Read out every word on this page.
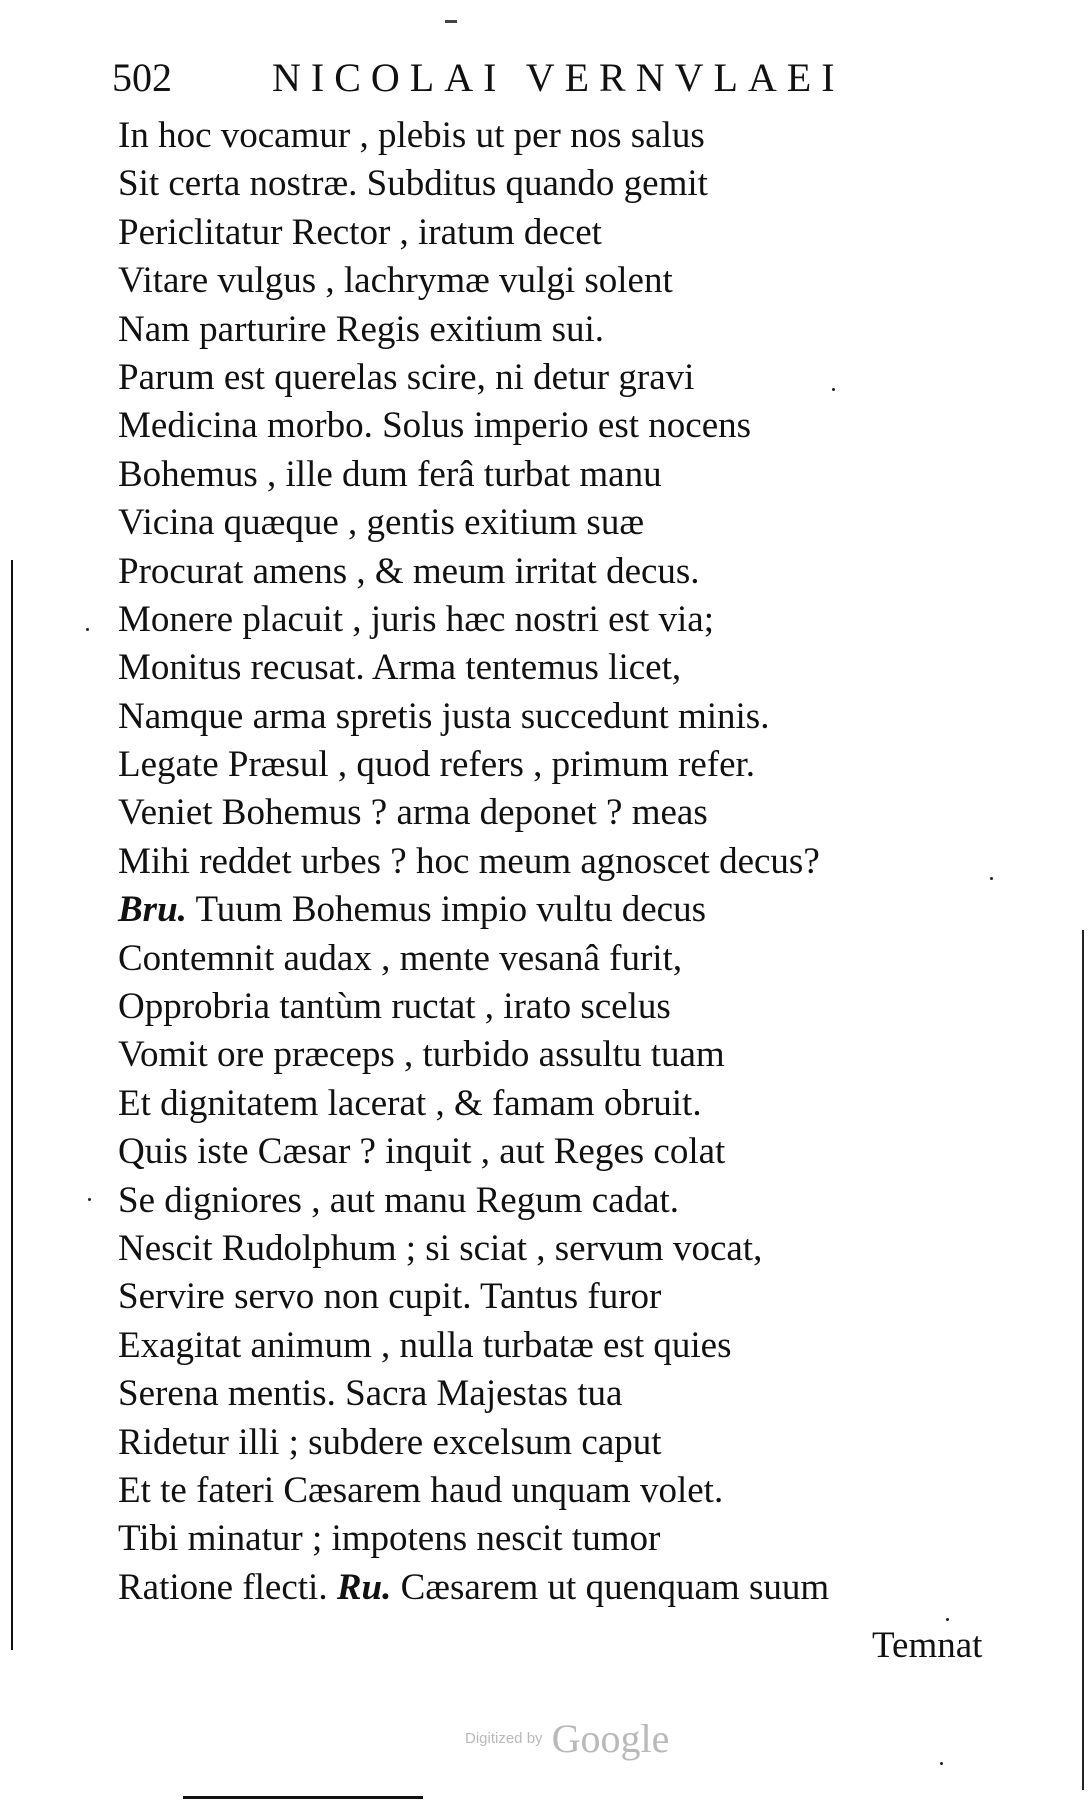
502	NICOLAI VERNVLAEI
In hoc vocamur , plebis ut per nos salus
Sit certa nostræ. Subditus quando gemit
Periclitatur Rector , iratum decet
Vitare vulgus , lachrymæ vulgi solent
Nam parturire Regis exitium sui.
Parum est querelas scire, ni detur gravi
Medicina morbo. Solus imperio est nocens
Bohemus , ille dum ferâ turbat manu
Vicina quæque , gentis exitium suæ
Procurat amens , & meum irritat decus.
Monere placuit , juris hæc nostri est via;
Monitus recusat. Arma tentemus licet,
Namque arma spretis justa succedunt minis.
Legate Præsul , quod refers , primum refer.
Veniet Bohemus ? arma deponet ? meas
Mihi reddet urbes ? hoc meum agnoscet decus?
Bru. Tuum Bohemus impio vultu decus
Contemnit audax , mente vesanâ furit,
Opprobria tantùm ructat , irato scelus
Vomit ore præceps , turbido assultu tuam
Et dignitatem lacerat , & famam obruit.
Quis iste Cæsar ? inquit , aut Reges colat
Se digniores , aut manu Regum cadat.
Nescit Rudolphum ; si sciat , servum vocat,
Servire servo non cupit. Tantus furor
Exagitat animum , nulla turbatæ est quies
Serena mentis. Sacra Majestas tua
Ridetur illi ; subdere excelsum caput
Et te fateri Cæsarem haud unquam volet.
Tibi minatur ; impotens nescit tumor
Ratione flecti. Ru. Cæsarem ut quenquam suum
Temnat
Digitized by Google
